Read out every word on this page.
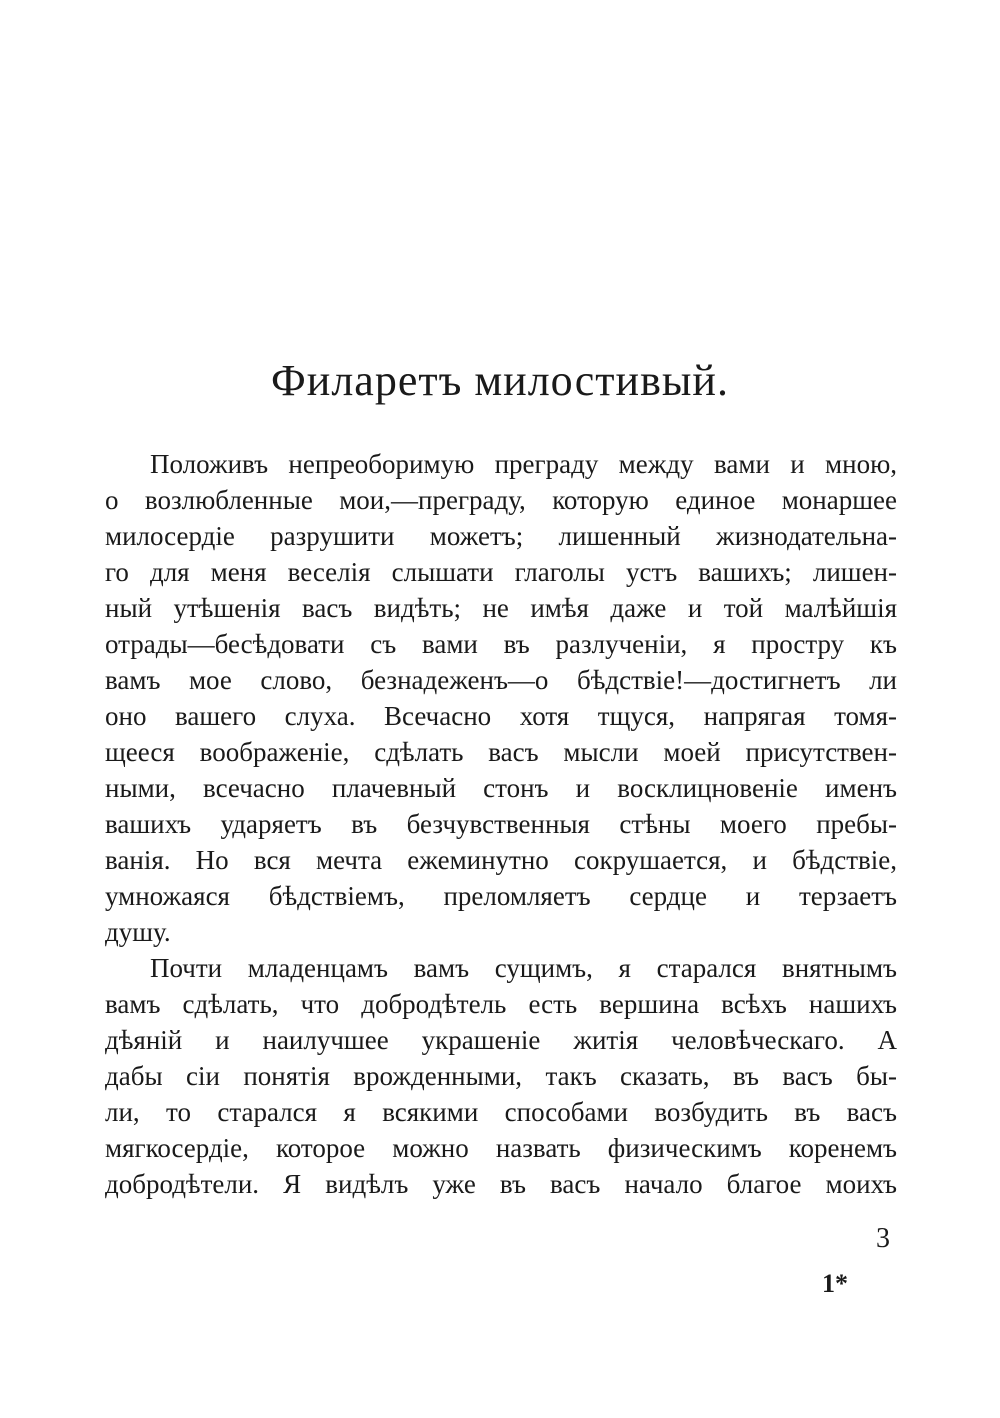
Филаретъ милостивый.
Положивъ непреоборимую преграду между вами и мною,
о возлюбленные мои,—преграду, которую единое монаршее
милосердіе разрушити можетъ; лишенный жизнодательна-
го для меня веселія слышати глаголы устъ вашихъ; лишен-
ный утѣшенія васъ видѣть; не имѣя даже и той малѣйшія
отрады—бесѣдовати съ вами въ разлученіи, я простру къ
вамъ мое слово, безнадеженъ—о бѣдствіе!—достигнетъ ли
оно вашего слуха. Всечасно хотя тщуся, напрягая томя-
щееся воображеніе, сдѣлать васъ мысли моей присутствен-
ными, всечасно плачевный стонъ и восклицновеніе именъ
вашихъ ударяетъ въ безчувственныя стѣны моего пребы-
ванія. Но вся мечта ежеминутно сокрушается, и бѣдствіе,
умножаяся бѣдствіемъ, преломляетъ сердце и терзаетъ
душу.
Почти младенцамъ вамъ сущимъ, я старался внятнымъ
вамъ сдѣлать, что добродѣтель есть вершина всѣхъ нашихъ
дѣяній и наилучшее украшеніе житія человѣческаго. А
дабы сіи понятія врожденными, такъ сказать, въ васъ бы-
ли, то старался я всякими способами возбудить въ васъ
мягкосердіе, которое можно назвать физическимъ коренемъ
добродѣтели. Я видѣлъ уже въ васъ начало благое моихъ
3
1*
